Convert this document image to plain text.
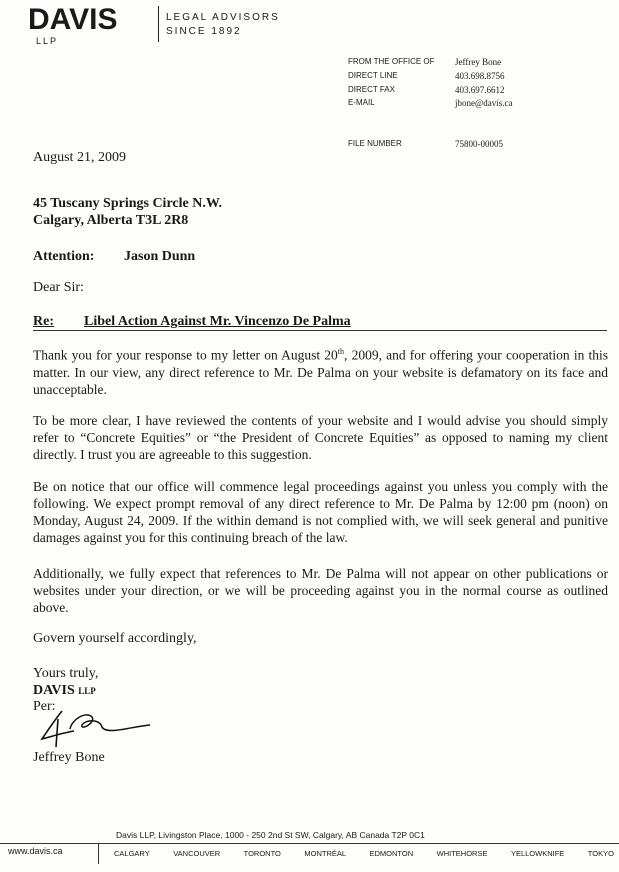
DAVIS
LLP
LEGAL ADVISORS
SINCE 1892
FROM THE OFFICE OF Jeffrey Bone
DIRECT LINE	403.698.8756
DIRECT FAX	403.697.6612
E-MAIL	jbone@davis.ca
FILE NUMBER	75800-00005
August 21, 2009
45 Tuscany Springs Circle N.W.
Calgary, Alberta T3L 2R8
Attention: Jason Dunn
Dear Sir:
Re: Libel Action Against Mr. Vincenzo De Palma
Thank you for your response to my letter on August 20th, 2009, and for offering your cooperation in this matter. In our view, any direct reference to Mr. De Palma on your website is defamatory on its face and unacceptable.
To be more clear, I have reviewed the contents of your website and I would advise you should simply refer to “Concrete Equities” or “the President of Concrete Equities” as opposed to naming my client directly. I trust you are agreeable to this suggestion.
Be on notice that our office will commence legal proceedings against you unless you comply with the following. We expect prompt removal of any direct reference to Mr. De Palma by 12:00 pm (noon) on Monday, August 24, 2009. If the within demand is not complied with, we will seek general and punitive damages against you for this continuing breach of the law.
Additionally, we fully expect that references to Mr. De Palma will not appear on other publications or websites under your direction, or we will be proceeding against you in the normal course as outlined above.
Govern yourself accordingly,
Yours truly,
DAVIS LLP
Per:
Jeffrey Bone
Davis LLP, Livingston Place, 1000 - 250 2nd St SW, Calgary, AB Canada T2P 0C1
www.davis.ca	CALGARY	VANCOUVER	TORONTO	MONTRÉAL	EDMONTON	WHITEHORSE	YELLOWKNIFE	TOKYO
